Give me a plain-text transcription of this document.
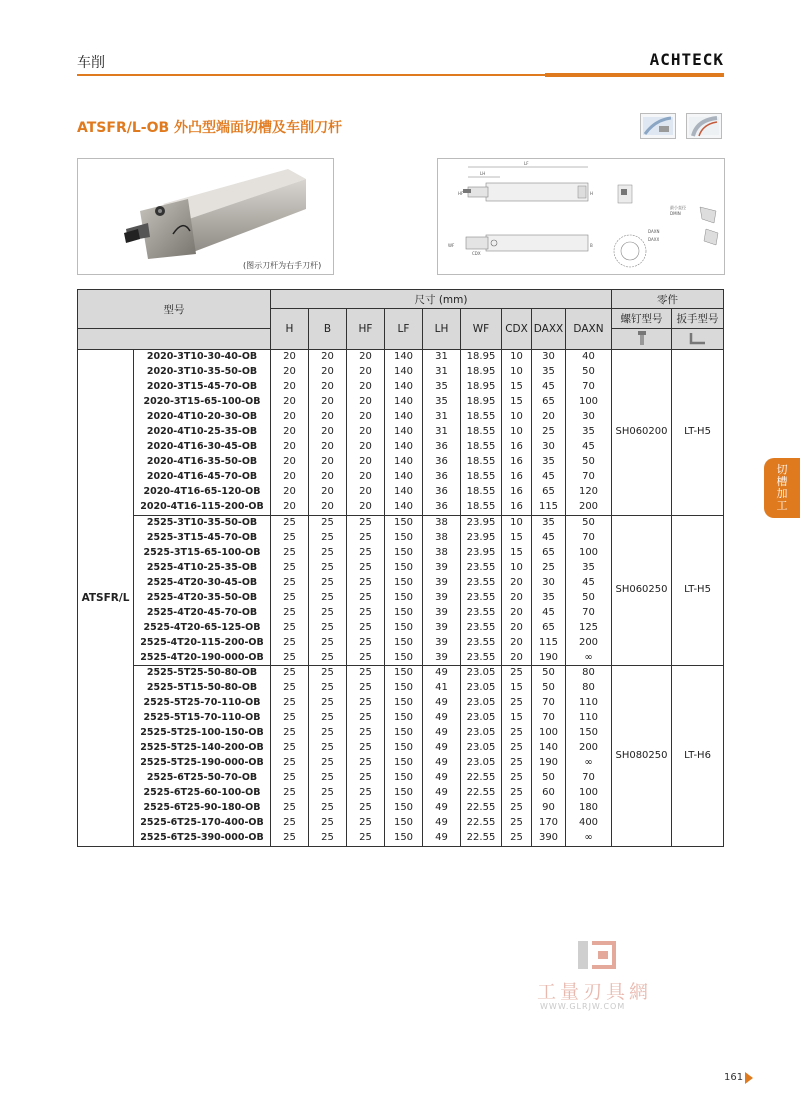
车削	ACHTECK
ATSFR/L-OB 外凸型端面切槽及车削刀杆
(图示刀杆为右手刀杆)
LF
LH
HF	H
WF
CDX
B
最小直径
DMIN
DAXN
DAXX
型号		尺寸 (mm)									零件	
		H	B	HF	LF	LH	WF	CDX	DAXX	DAXN	螺钉型号	扳手型号

ATSFR/L	2020-3T10-30-40-OB	20	20	20	140	31	18.95	10	30	40	SH060200	LT-H5
	2020-3T10-35-50-OB	20	20	20	140	31	18.95	10	35	50		
	2020-3T15-45-70-OB	20	20	20	140	35	18.95	15	45	70		
	2020-3T15-65-100-OB	20	20	20	140	35	18.95	15	65	100		
	2020-4T10-20-30-OB	20	20	20	140	31	18.55	10	20	30		
	2020-4T10-25-35-OB	20	20	20	140	31	18.55	10	25	35		
	2020-4T16-30-45-OB	20	20	20	140	36	18.55	16	30	45		
	2020-4T16-35-50-OB	20	20	20	140	36	18.55	16	35	50		
	2020-4T16-45-70-OB	20	20	20	140	36	18.55	16	45	70		
	2020-4T16-65-120-OB	20	20	20	140	36	18.55	16	65	120		
	2020-4T16-115-200-OB	20	20	20	140	36	18.55	16	115	200		
	2525-3T10-35-50-OB	25	25	25	150	38	23.95	10	35	50	SH060250	LT-H5
	2525-3T15-45-70-OB	25	25	25	150	38	23.95	15	45	70		
	2525-3T15-65-100-OB	25	25	25	150	38	23.95	15	65	100		
	2525-4T10-25-35-OB	25	25	25	150	39	23.55	10	25	35		
	2525-4T20-30-45-OB	25	25	25	150	39	23.55	20	30	45		
	2525-4T20-35-50-OB	25	25	25	150	39	23.55	20	35	50		
	2525-4T20-45-70-OB	25	25	25	150	39	23.55	20	45	70		
	2525-4T20-65-125-OB	25	25	25	150	39	23.55	20	65	125		
	2525-4T20-115-200-OB	25	25	25	150	39	23.55	20	115	200		
	2525-4T20-190-000-OB	25	25	25	150	39	23.55	20	190	∞		
	2525-5T25-50-80-OB	25	25	25	150	49	23.05	25	50	80	SH080250	LT-H6
	2525-5T15-50-80-OB	25	25	25	150	41	23.05	15	50	80		
	2525-5T25-70-110-OB	25	25	25	150	49	23.05	25	70	110		
	2525-5T15-70-110-OB	25	25	25	150	49	23.05	15	70	110		
	2525-5T25-100-150-OB	25	25	25	150	49	23.05	25	100	150		
	2525-5T25-140-200-OB	25	25	25	150	49	23.05	25	140	200		
	2525-5T25-190-000-OB	25	25	25	150	49	23.05	25	190	∞		
	2525-6T25-50-70-OB	25	25	25	150	49	22.55	25	50	70		
	2525-6T25-60-100-OB	25	25	25	150	49	22.55	25	60	100		
	2525-6T25-90-180-OB	25	25	25	150	49	22.55	25	90	180		
	2525-6T25-170-400-OB	25	25	25	150	49	22.55	25	170	400		
	2525-6T25-390-000-OB	25	25	25	150	49	22.55	25	390	∞		
切槽加工
工量刃具網
WWW.GLRJW.COM
161
